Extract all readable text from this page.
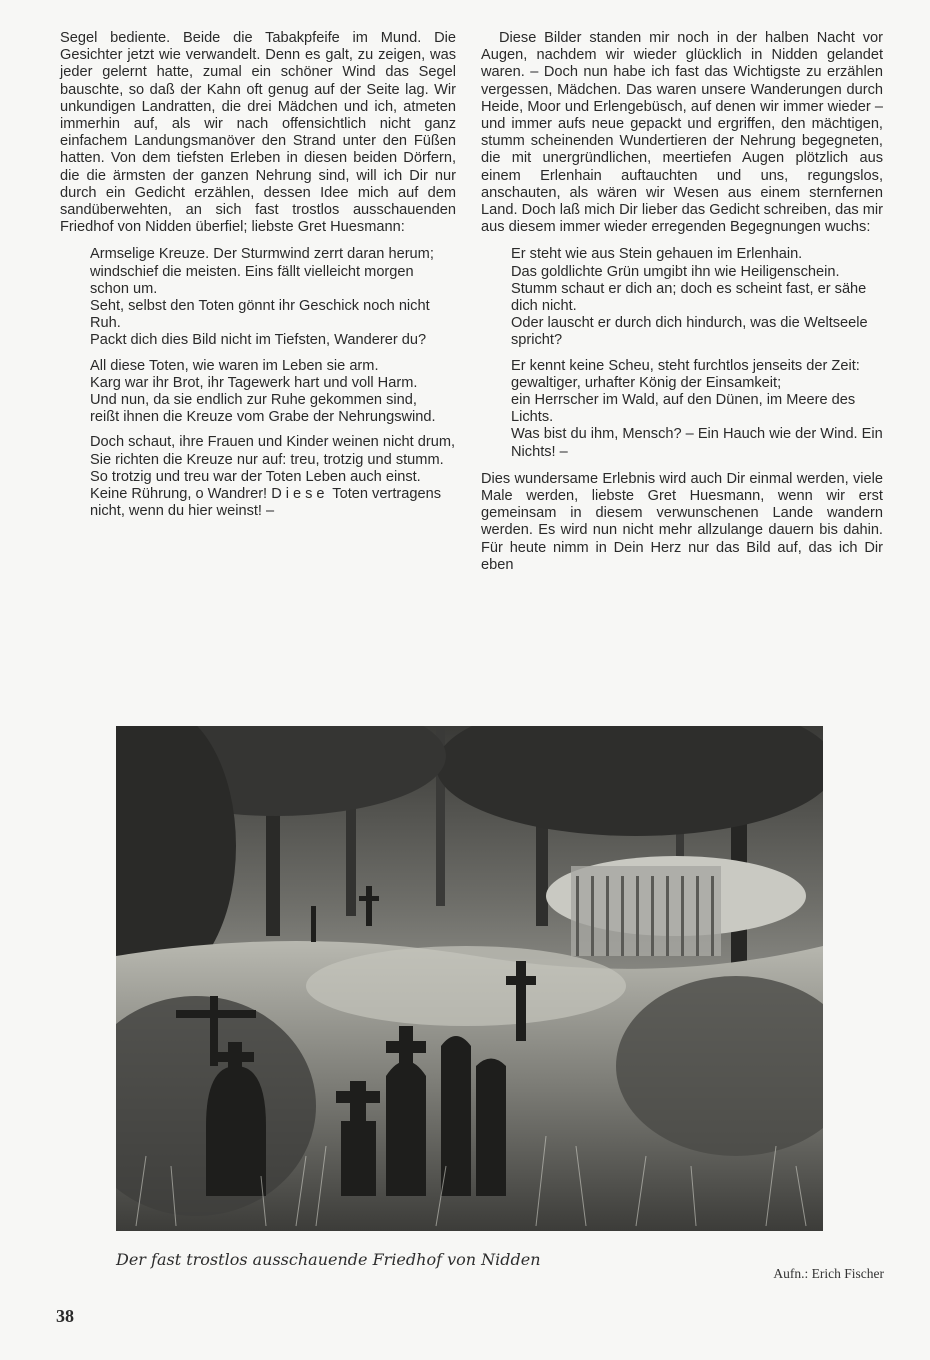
Segel bediente. Beide die Tabakpfeife im Mund. Die Gesichter jetzt wie verwandelt. Denn es galt, zu zeigen, was jeder gelernt hatte, zumal ein schöner Wind das Segel bauschte, so daß der Kahn oft genug auf der Seite lag. Wir unkundigen Landratten, die drei Mädchen und ich, atmeten immerhin auf, als wir nach offensichtlich nicht ganz einfachem Landungsmanöver den Strand unter den Füßen hatten. Von dem tiefsten Erleben in diesen beiden Dörfern, die die ärmsten der ganzen Nehrung sind, will ich Dir nur durch ein Gedicht erzählen, dessen Idee mich auf dem sandüberwehten, an sich fast trostlos ausschauenden Friedhof von Nidden überfiel; liebste Gret Huesmann:

Armselige Kreuze. Der Sturmwind zerrt daran herum;

windschief die meisten. Eins fällt vielleicht morgen schon um.

Seht, selbst den Toten gönnt ihr Geschick noch nicht Ruh.

Packt dich dies Bild nicht im Tiefsten, Wanderer du?

All diese Toten, wie waren im Leben sie arm.

Karg war ihr Brot, ihr Tagewerk hart und voll Harm.

Und nun, da sie endlich zur Ruhe gekommen sind,

reißt ihnen die Kreuze vom Grabe der Nehrungswind.

Doch schaut, ihre Frauen und Kinder weinen nicht drum,

Sie richten die Kreuze nur auf: treu, trotzig und stumm.

So trotzig und treu war der Toten Leben auch einst.

Keine Rührung, o Wandrer! Diese Toten vertragens nicht, wenn du hier weinst! –

Diese Bilder standen mir noch in der halben Nacht vor Augen, nachdem wir wieder glücklich in Nidden gelandet waren. – Doch nun habe ich fast das Wichtigste zu erzählen vergessen, Mädchen. Das waren unsere Wanderungen durch Heide, Moor und Erlengebüsch, auf denen wir immer wieder – und immer aufs neue gepackt und ergriffen, den mächtigen, stumm scheinenden Wundertieren der Nehrung begegneten, die mit unergründlichen, meertiefen Augen plötzlich aus einem Erlenhain auftauchten und uns, regungslos, anschauten, als wären wir Wesen aus einem sternfernen Land. Doch laß mich Dir lieber das Gedicht schreiben, das mir aus diesem immer wieder erregenden Begegnungen wuchs:

Er steht wie aus Stein gehauen im Erlenhain.

Das goldlichte Grün umgibt ihn wie Heiligenschein.

Stumm schaut er dich an; doch es scheint fast, er sähe dich nicht.

Oder lauscht er durch dich hindurch, was die Weltseele spricht?

Er kennt keine Scheu, steht furchtlos jenseits der Zeit:

gewaltiger, urhafter König der Einsamkeit;

ein Herrscher im Wald, auf den Dünen, im Meere des Lichts.

Was bist du ihm, Mensch? – Ein Hauch wie der Wind. Ein Nichts! –

Dies wundersame Erlebnis wird auch Dir einmal werden, viele Male werden, liebste Gret Huesmann, wenn wir erst gemeinsam in diesem verwunschenen Lande wandern werden. Es wird nun nicht mehr allzulange dauern bis dahin. Für heute nimm in Dein Herz nur das Bild auf, das ich Dir eben

Der fast trostlos ausschauende Friedhof von Nidden
Aufn.: Erich Fischer
38
